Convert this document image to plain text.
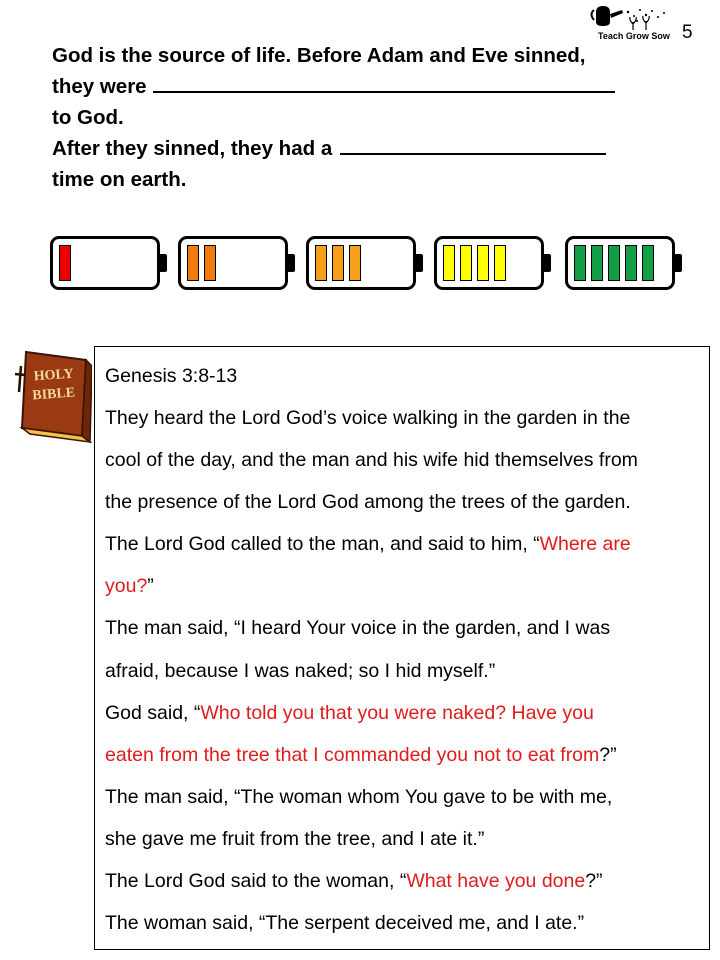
Teach Grow Sow 5
God is the source of life. Before Adam and Eve sinned,
they were
to God.
After they sinned, they had a
time on earth.
HOLY
BIBLE
Genesis 3:8-13
They heard the Lord God’s voice walking in the garden in the
cool of the day, and the man and his wife hid themselves from
the presence of the Lord God among the trees of the garden.
The Lord God called to the man, and said to him, “Where are
you?”
The man said, “I heard Your voice in the garden, and I was
afraid, because I was naked; so I hid myself.”
God said, “Who told you that you were naked? Have you
eaten from the tree that I commanded you not to eat from?”
The man said, “The woman whom You gave to be with me,
she gave me fruit from the tree, and I ate it.”
The Lord God said to the woman, “What have you done?”
The woman said, “The serpent deceived me, and I ate.”
